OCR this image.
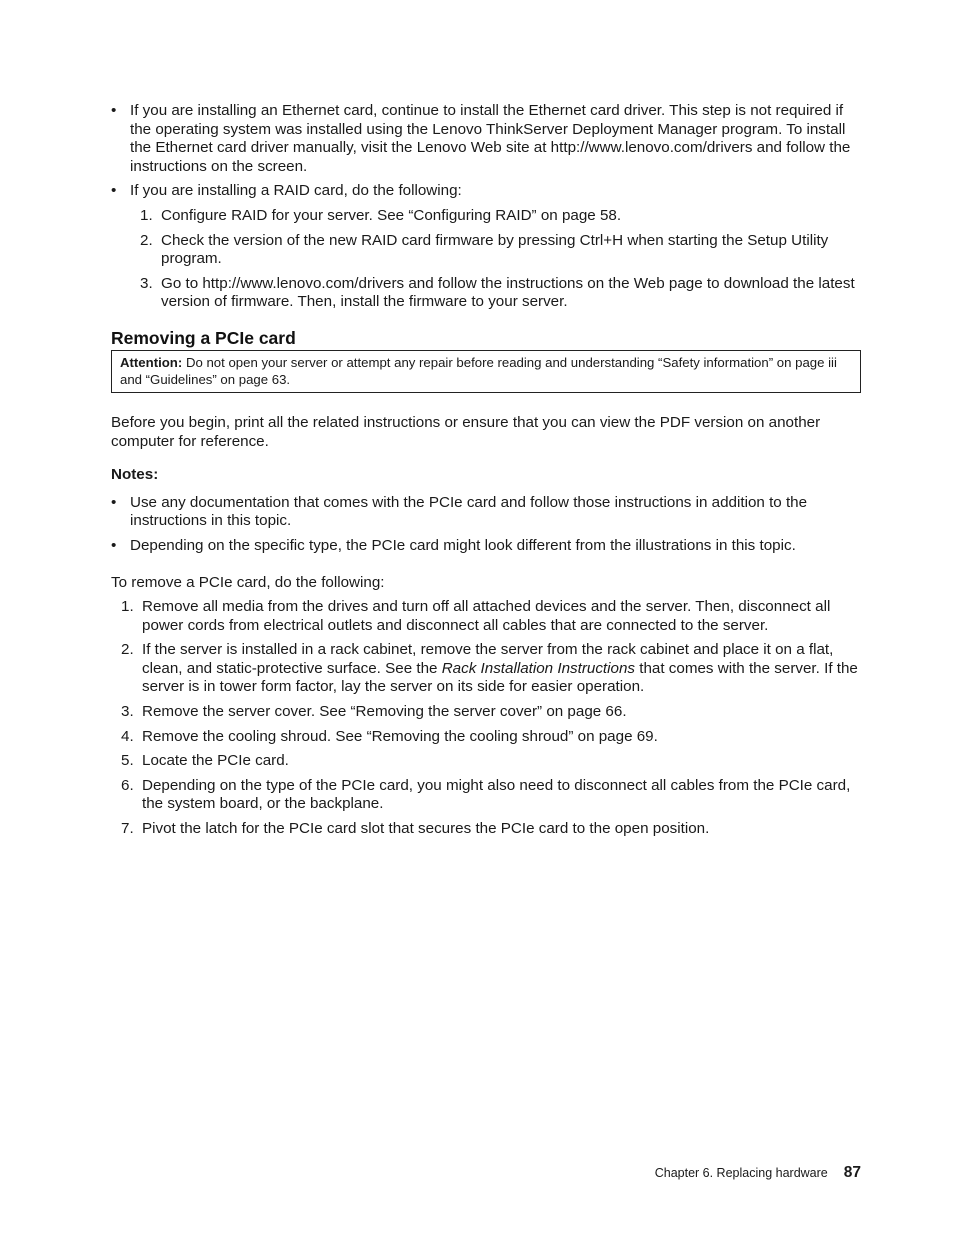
• If you are installing an Ethernet card, continue to install the Ethernet card driver. This step is not required if the operating system was installed using the Lenovo ThinkServer Deployment Manager program. To install the Ethernet card driver manually, visit the Lenovo Web site at http://www.lenovo.com/drivers and follow the instructions on the screen.
• If you are installing a RAID card, do the following:
1. Configure RAID for your server. See “Configuring RAID” on page 58.
2. Check the version of the new RAID card firmware by pressing Ctrl+H when starting the Setup Utility program.
3. Go to http://www.lenovo.com/drivers and follow the instructions on the Web page to download the latest version of firmware. Then, install the firmware to your server.
Removing a PCIe card
Attention: Do not open your server or attempt any repair before reading and understanding “Safety information” on page iii and “Guidelines” on page 63.

Before you begin, print all the related instructions or ensure that you can view the PDF version on another computer for reference.

Notes:

• Use any documentation that comes with the PCIe card and follow those instructions in addition to the instructions in this topic.
• Depending on the specific type, the PCIe card might look different from the illustrations in this topic.

To remove a PCIe card, do the following:

1. Remove all media from the drives and turn off all attached devices and the server. Then, disconnect all power cords from electrical outlets and disconnect all cables that are connected to the server.
2. If the server is installed in a rack cabinet, remove the server from the rack cabinet and place it on a flat, clean, and static-protective surface. See the Rack Installation Instructions that comes with the server. If the server is in tower form factor, lay the server on its side for easier operation.
3. Remove the server cover. See “Removing the server cover” on page 66.
4. Remove the cooling shroud. See “Removing the cooling shroud” on page 69.
5. Locate the PCIe card.
6. Depending on the type of the PCIe card, you might also need to disconnect all cables from the PCIe card, the system board, or the backplane.
7. Pivot the latch for the PCIe card slot that secures the PCIe card to the open position.
Chapter 6. Replacing hardware 87
